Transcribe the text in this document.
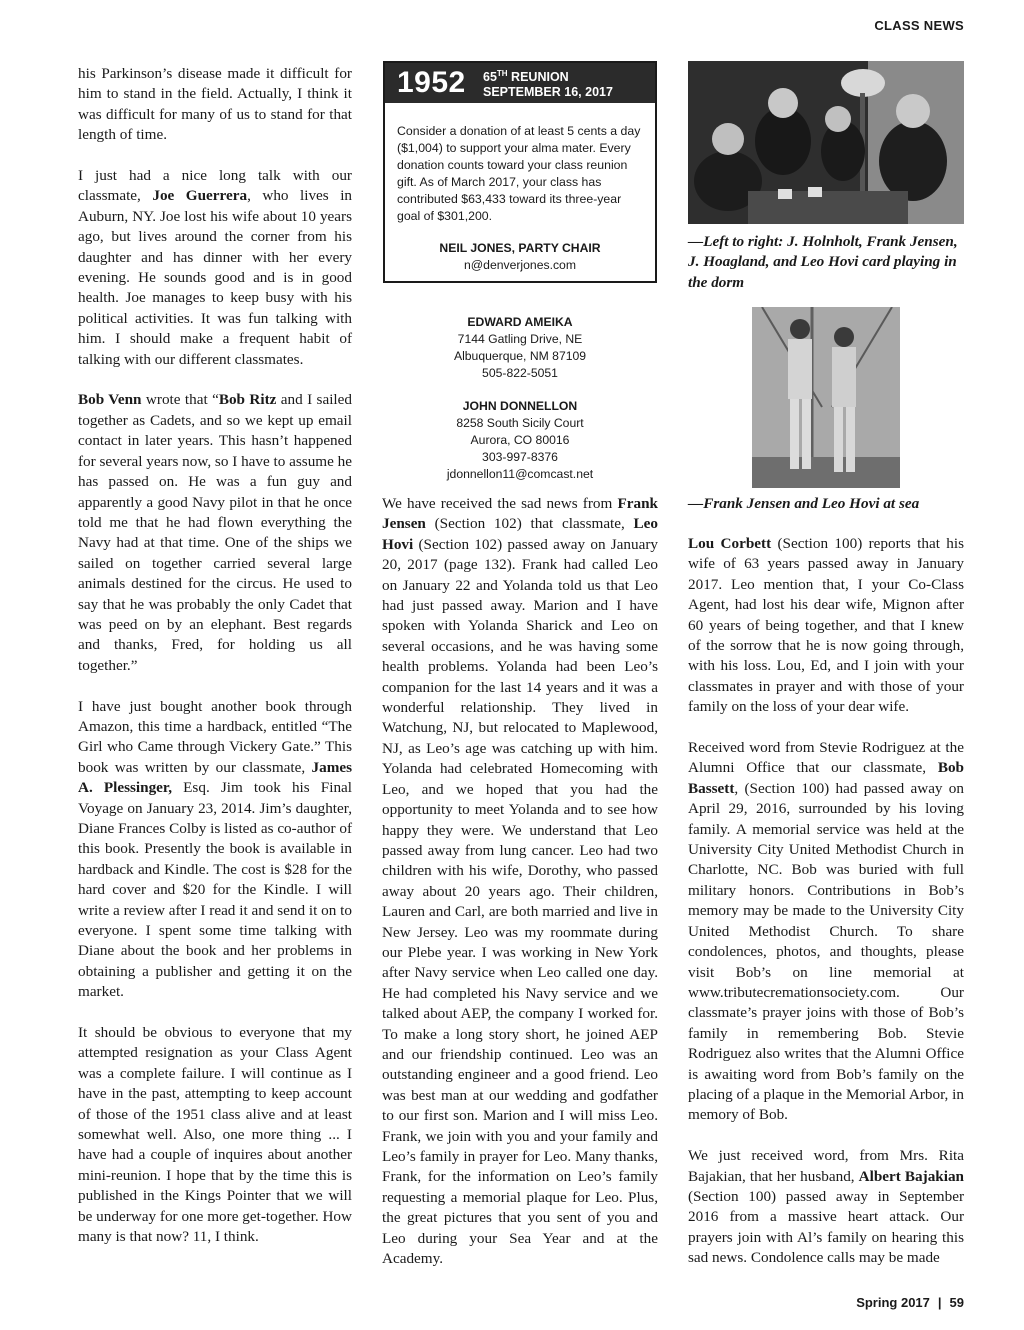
CLASS NEWS

his Parkinson’s disease made it difficult for him to stand in the field. Actually, I think it was difficult for many of us to stand for that length of time.

I just had a nice long talk with our classmate, Joe Guerrera, who lives in Auburn, NY. Joe lost his wife about 10 years ago, but lives around the corner from his daughter and has dinner with her every evening. He sounds good and is in good health. Joe manages to keep busy with his political activities. It was fun talking with him. I should make a frequent habit of talking with our different classmates.

Bob Venn wrote that “Bob Ritz and I sailed together as Cadets, and so we kept up email contact in later years. This hasn’t happened for several years now, so I have to assume he has passed on. He was a fun guy and apparently a good Navy pilot in that he once told me that he had flown everything the Navy had at that time. One of the ships we sailed on together carried several large animals destined for the circus. He used to say that he was probably the only Cadet that was peed on by an elephant. Best regards and thanks, Fred, for holding us all together.”

I have just bought another book through Amazon, this time a hardback, entitled “The Girl who Came through Vickery Gate.” This book was written by our classmate, James A. Plessinger, Esq. Jim took his Final Voyage on January 23, 2014. Jim’s daughter, Diane Frances Colby is listed as co-author of this book. Presently the book is available in hardback and Kindle. The cost is $28 for the hard cover and $20 for the Kindle. I will write a review after I read it and send it on to everyone. I spent some time talking with Diane about the book and her problems in obtaining a publisher and getting it on the market.

It should be obvious to everyone that my attempted resignation as your Class Agent was a complete failure. I will continue as I have in the past, attempting to keep account of those of the 1951 class alive and at least somewhat well. Also, one more thing ... I have had a couple of inquires about another mini-reunion. I hope that by the time this is published in the Kings Pointer that we will be underway for one more get-together. How many is that now? 11, I think.

1952	65TH REUNION
SEPTEMBER 16, 2017
Consider a donation of at least 5 cents a day ($1,004) to support your alma mater. Every donation counts toward your class reunion gift. As of March 2017, your class has contributed $63,433 toward its three-year goal of $301,200.
NEIL JONES, PARTY CHAIR
n@denverjones.com
EDWARD AMEIKA
7144 Gatling Drive, NE
Albuquerque, NM 87109
505-822-5051
JOHN DONNELLON
8258 South Sicily Court
Aurora, CO 80016
303-997-8376
jdonnellon11@comcast.net

We have received the sad news from Frank Jensen (Section 102) that classmate, Leo Hovi (Section 102) passed away on January 20, 2017 (page 132). Frank had called Leo on January 22 and Yolanda told us that Leo had just passed away. Marion and I have spoken with Yolanda Sharick and Leo on several occasions, and he was having some health problems. Yolanda had been Leo’s companion for the last 14 years and it was a wonderful relationship. They lived in Watchung, NJ, but relocated to Maplewood, NJ, as Leo’s age was catching up with him. Yolanda had celebrated Homecoming with Leo, and we hoped that you had the opportunity to meet Yolanda and to see how happy they were. We understand that Leo passed away from lung cancer. Leo had two children with his wife, Dorothy, who passed away about 20 years ago. Their children, Lauren and Carl, are both married and live in New Jersey. Leo was my roommate during our Plebe year. I was working in New York after Navy service when Leo called one day. He had completed his Navy service and we talked about AEP, the company I worked for. To make a long story short, he joined AEP and our friendship continued. Leo was an outstanding engineer and a good friend. Leo was best man at our wedding and godfather to our first son. Marion and I will miss Leo. Frank, we join with you and your family and Leo’s family in prayer for Leo. Many thanks, Frank, for the information on Leo’s family requesting a memorial plaque for Leo. Plus, the great pictures that you sent of you and Leo during your Sea Year and at the Academy.

—Left to right: J. Holnholt, Frank Jensen, J. Hoagland, and Leo Hovi card playing in the dorm
—Frank Jensen and Leo Hovi at sea

Lou Corbett (Section 100) reports that his wife of 63 years passed away in January 2017. Leo mention that, I your Co-Class Agent, had lost his dear wife, Mignon after 60 years of being together, and that I knew of the sorrow that he is now going through, with his loss. Lou, Ed, and I join with your classmates in prayer and with those of your family on the loss of your dear wife.

Received word from Stevie Rodriguez at the Alumni Office that our classmate, Bob Bassett, (Section 100) had passed away on April 29, 2016, surrounded by his loving family. A memorial service was held at the University City United Methodist Church in Charlotte, NC. Bob was buried with full military honors. Contributions in Bob’s memory may be made to the University City United Methodist Church. To share condolences, photos, and thoughts, please visit Bob’s on line memorial at www.tributecremationsociety.com. Our classmate’s prayer joins with those of Bob’s family in remembering Bob. Stevie Rodriguez also writes that the Alumni Office is awaiting word from Bob’s family on the placing of a plaque in the Memorial Arbor, in memory of Bob.

We just received word, from Mrs. Rita Bajakian, that her husband, Albert Bajakian (Section 100) passed away in September 2016 from a massive heart attack. Our prayers join with Al’s family on hearing this sad news. Condolence calls may be made

Spring 2017 | 59
